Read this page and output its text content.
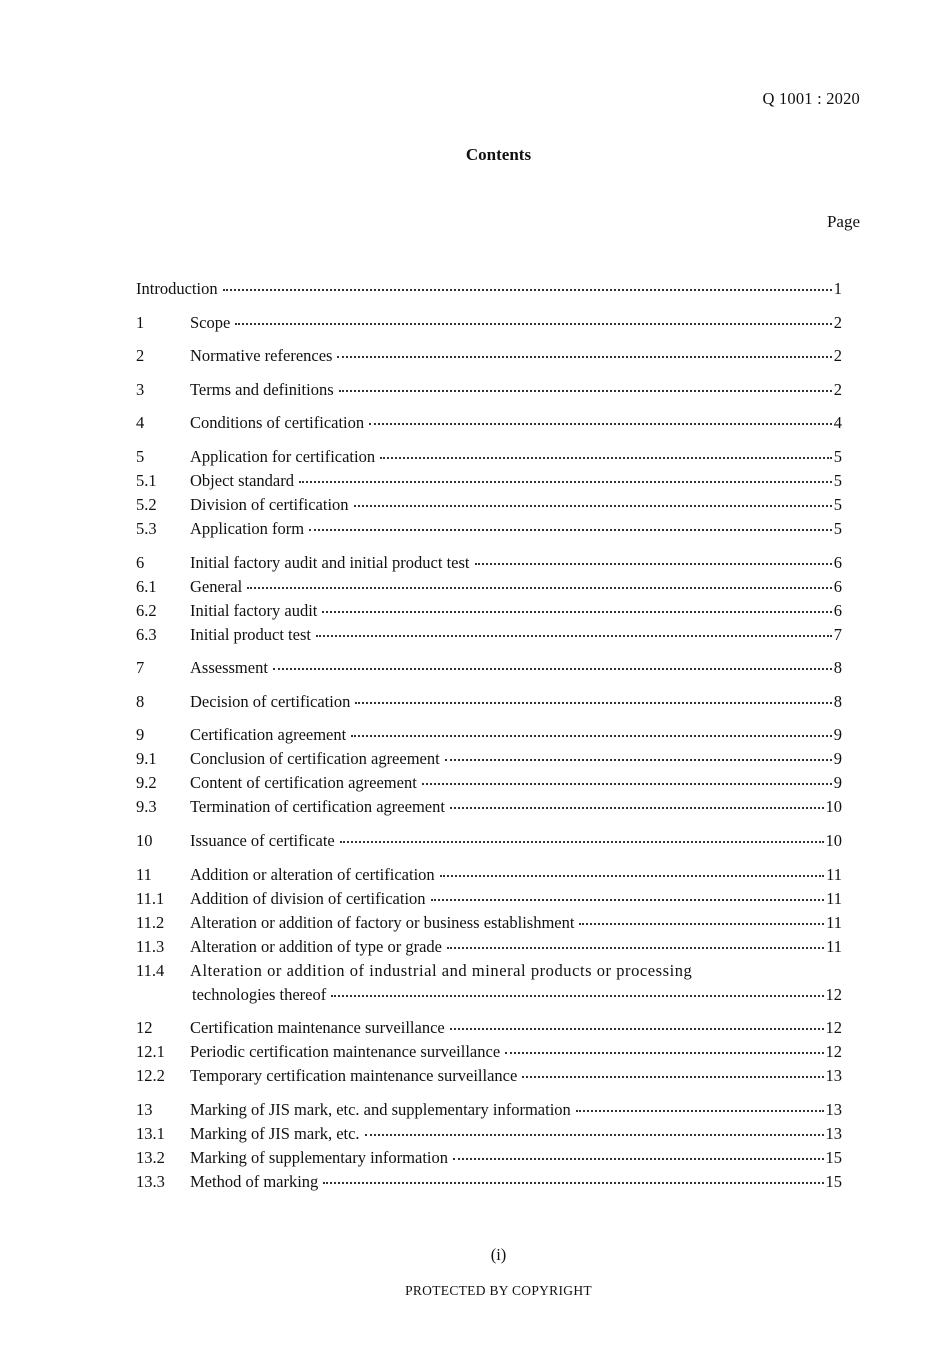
Q 1001 : 2020
Contents
Page
Introduction	1
1	Scope	2
2	Normative references	2
3	Terms and definitions	2
4	Conditions of certification	4
5	Application for certification	5
5.1 Object standard	5
5.2 Division of certification	5
5.3 Application form	5
6	Initial factory audit and initial product test	6
6.1 General	6
6.2 Initial factory audit	6
6.3 Initial product test	7
7	Assessment	8
8	Decision of certification	8
9	Certification agreement	9
9.1 Conclusion of certification agreement	9
9.2 Content of certification agreement	9
9.3 Termination of certification agreement	10
10 Issuance of certificate	10
11 Addition or alteration of certification	11
11.1 Addition of division of certification	11
11.2 Alteration or addition of factory or business establishment	11
11.3 Alteration or addition of type or grade	11
11.4 Alteration or addition of industrial and mineral products or processing
technologies thereof	12
12 Certification maintenance surveillance	12
12.1 Periodic certification maintenance surveillance	12
12.2 Temporary certification maintenance surveillance	13
13 Marking of JIS mark, etc. and supplementary information	13
13.1 Marking of JIS mark, etc.	13
13.2 Marking of supplementary information	15
13.3 Method of marking	15
(i)
PROTECTED BY COPYRIGHT
